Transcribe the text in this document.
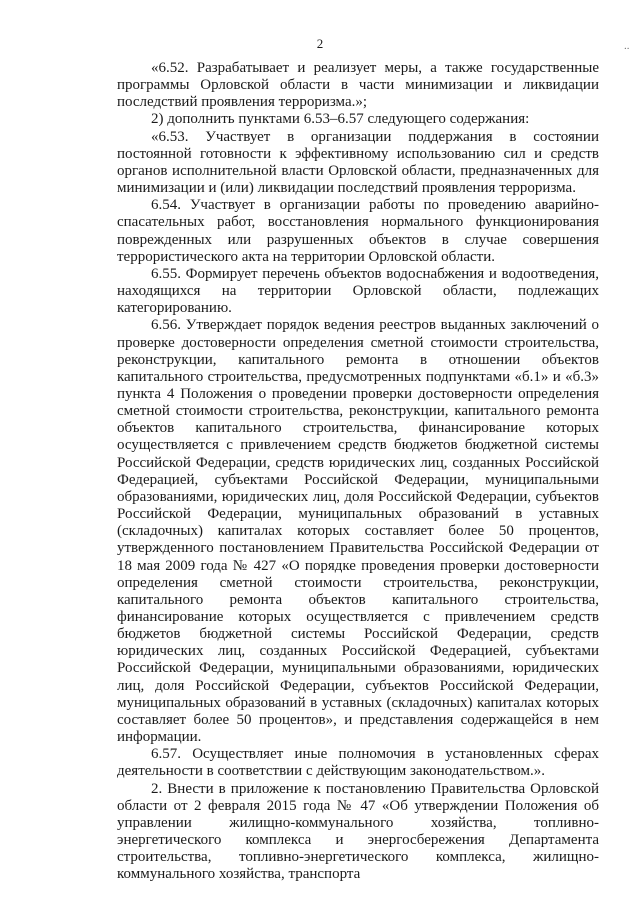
2	..

«6.52. Разрабатывает и реализует меры, а также государственные программы Орловской области в части минимизации и ликвидации последствий проявления терроризма.»;

2) дополнить пунктами 6.53–6.57 следующего содержания:

«6.53. Участвует в организации поддержания в состоянии постоянной готовности к эффективному использованию сил и средств органов исполнительной власти Орловской области, предназначенных для минимизации и (или) ликвидации последствий проявления терроризма.

6.54. Участвует в организации работы по проведению аварийно-спасательных работ, восстановления нормального функционирования поврежденных или разрушенных объектов в случае совершения террористического акта на территории Орловской области.

6.55. Формирует перечень объектов водоснабжения и водоотведения, находящихся на территории Орловской области, подлежащих категорированию.

6.56. Утверждает порядок ведения реестров выданных заключений о проверке достоверности определения сметной стоимости строительства, реконструкции, капитального ремонта в отношении объектов капитального строительства, предусмотренных подпунктами «б.1» и «б.3» пункта 4 Положения о проведении проверки достоверности определения сметной стоимости строительства, реконструкции, капитального ремонта объектов капитального строительства, финансирование которых осуществляется с привлечением средств бюджетов бюджетной системы Российской Федерации, средств юридических лиц, созданных Российской Федерацией, субъектами Российской Федерации, муниципальными образованиями, юридических лиц, доля Российской Федерации, субъектов Российской Федерации, муниципальных образований в уставных (складочных) капиталах которых составляет более 50 процентов, утвержденного постановлением Правительства Российской Федерации от 18 мая 2009 года № 427 «О порядке проведения проверки достоверности определения сметной стоимости строительства, реконструкции, капитального ремонта объектов капитального строительства, финансирование которых осуществляется с привлечением средств бюджетов бюджетной системы Российской Федерации, средств юридических лиц, созданных Российской Федерацией, субъектами Российской Федерации, муниципальными образованиями, юридических лиц, доля Российской Федерации, субъектов Российской Федерации, муниципальных образований в уставных (складочных) капиталах которых составляет более 50 процентов», и представления содержащейся в нем информации.

6.57. Осуществляет иные полномочия в установленных сферах деятельности в соответствии с действующим законодательством.».

2. Внести в приложение к постановлению Правительства Орловской области от 2 февраля 2015 года № 47 «Об утверждении Положения об управлении жилищно-коммунального хозяйства, топливно-энергетического комплекса и энергосбережения Департамента строительства, топливно-энергетического комплекса, жилищно-коммунального хозяйства, транспорта
